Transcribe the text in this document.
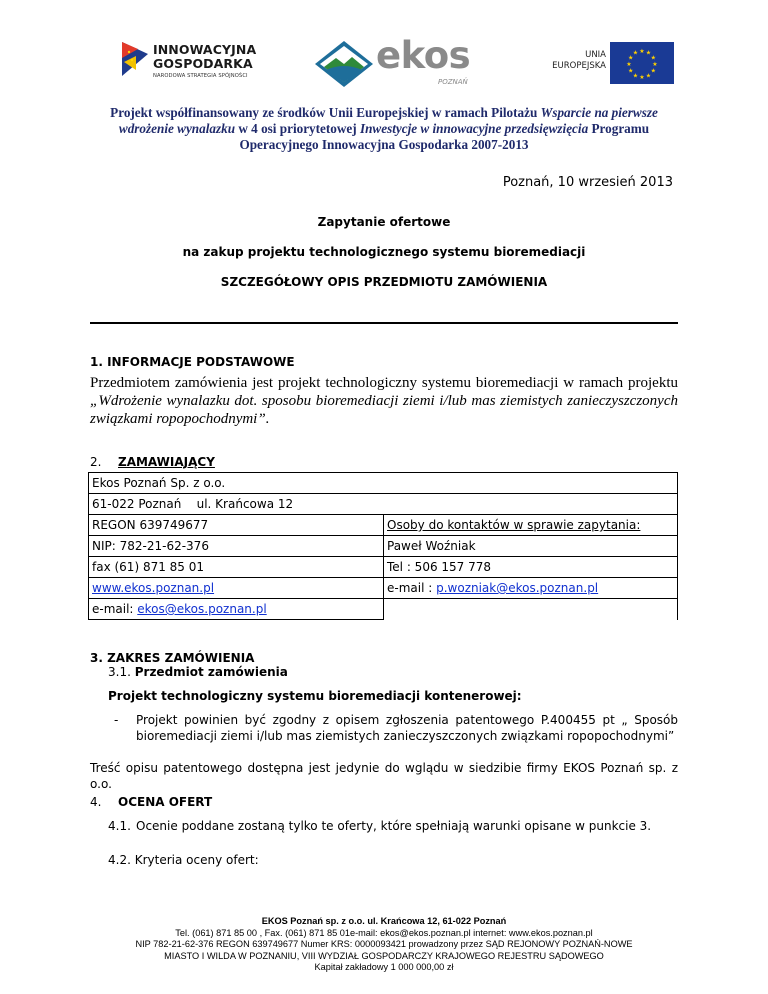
INNOWACYJNA
GOSPODARKA
NARODOWA STRATEGIA SPÓJNOŚCI	ekos
POZNAŃ
UNIA
EUROPEJSKA	★
★
★
★
★
★
★
★
★ ★ ★
★
Projekt współfinansowany ze środków Unii Europejskiej w ramach Pilotażu Wsparcie na pierwsze wdrożenie wynalazku w 4 osi priorytetowej Inwestycje w innowacyjne przedsięwzięcia Programu Operacyjnego Innowacyjna Gospodarka 2007-2013
Poznań, 10 wrzesień 2013
Zapytanie ofertowe
na zakup projektu technologicznego systemu bioremediacji
SZCZEGÓŁOWY OPIS PRZEDMIOTU ZAMÓWIENIA
1. INFORMACJE PODSTAWOWE
Przedmiotem zamówienia jest projekt technologiczny systemu bioremediacji w ramach projektu „Wdrożenie wynalazku dot. sposobu bioremediacji ziemi i/lub mas ziemistych zanieczyszczonych związkami ropopochodnymi”.
2. ZAMAWIAJĄCY
Ekos Poznań Sp. z o.o.	
61-022 Poznań ul. Krańcowa 12	
REGON 639749677	Osoby do kontaktów w sprawie zapytania:
NIP: 782-21-62-376	Paweł Woźniak
fax (61) 871 85 01	Tel : 506 157 778
www.ekos.poznan.pl	e-mail : p.wozniak@ekos.poznan.pl
e-mail: ekos@ekos.poznan.pl	
3. ZAKRES ZAMÓWIENIA
3.1. Przedmiot zamówienia
Projekt technologiczny systemu bioremediacji kontenerowej:
- Projekt powinien być zgodny z opisem zgłoszenia patentowego P.400455 pt „ Sposób bioremediacji ziemi i/lub mas ziemistych zanieczyszczonych związkami ropopochodnymi”
Treść opisu patentowego dostępna jest jedynie do wglądu w siedzibie firmy EKOS Poznań sp. z o.o.
4. OCENA OFERT
4.1. Ocenie poddane zostaną tylko te oferty, które spełniają warunki opisane w punkcie 3.
4.2. Kryteria oceny ofert:
EKOS Poznań sp. z o.o. ul. Krańcowa 12, 61-022 Poznań
Tel. (061) 871 85 00 , Fax. (061) 871 85 01e-mail: ekos@ekos.poznan.pl internet: www.ekos.poznan.pl
NIP 782-21-62-376 REGON 639749677 Numer KRS: 0000093421 prowadzony przez SĄD REJONOWY POZNAŃ-NOWE
MIASTO I WILDA W POZNANIU, VIII WYDZIAŁ GOSPODARCZY KRAJOWEGO REJESTRU SĄDOWEGO
Kapitał zakładowy 1 000 000,00 zł
